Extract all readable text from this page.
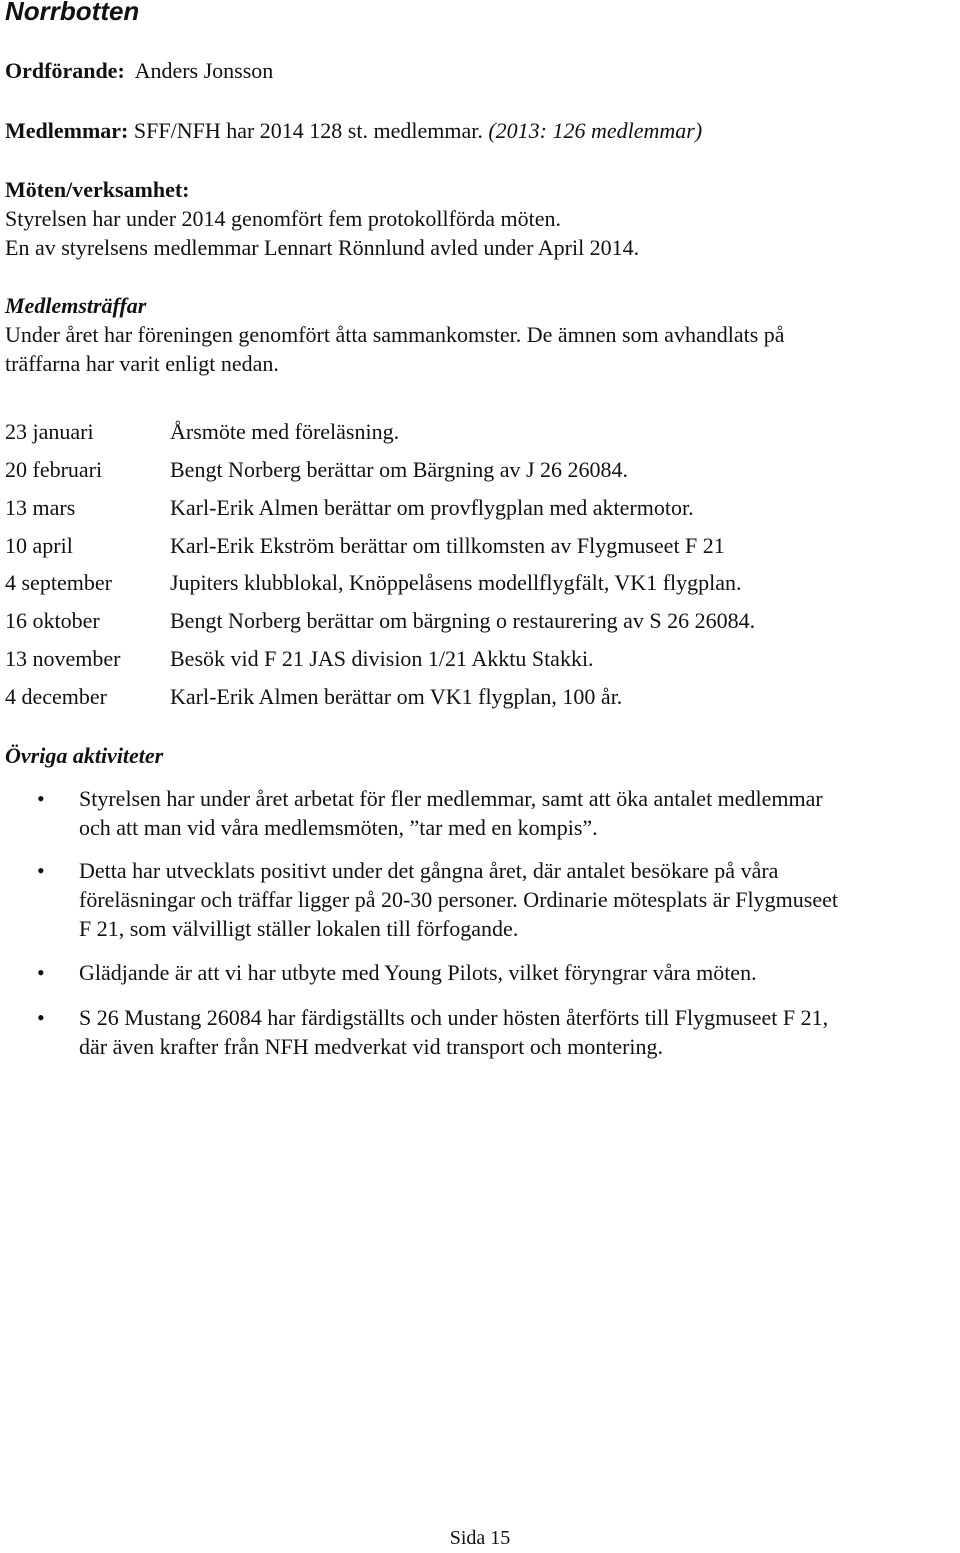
Norrbotten
Ordförande: Anders Jonsson
Medlemmar: SFF/NFH har 2014 128 st. medlemmar. (2013: 126 medlemmar)
Möten/verksamhet:
Styrelsen har under 2014 genomfört fem protokollförda möten.
En av styrelsens medlemmar Lennart Rönnlund avled under April 2014.
Medlemsträffar
Under året har föreningen genomfört åtta sammankomster. De ämnen som avhandlats på
träffarna har varit enligt nedan.
23 januari	Årsmöte med föreläsning.
20 februari	Bengt Norberg berättar om Bärgning av J 26 26084.
13 mars	Karl-Erik Almen berättar om provflygplan med aktermotor.
10 april	Karl-Erik Ekström berättar om tillkomsten av Flygmuseet F 21
4 september	Jupiters klubblokal, Knöppelåsens modellflygfält, VK1 flygplan.
16 oktober	Bengt Norberg berättar om bärgning o restaurering av S 26 26084.
13 november Besök vid F 21 JAS division 1/21 Akktu Stakki.
4 december	Karl-Erik Almen berättar om VK1 flygplan, 100 år.
Övriga aktiviteter
• Styrelsen har under året arbetat för fler medlemmar, samt att öka antalet medlemmar
och att man vid våra medlemsmöten, ”tar med en kompis”.
• Detta har utvecklats positivt under det gångna året, där antalet besökare på våra
föreläsningar och träffar ligger på 20-30 personer. Ordinarie mötesplats är Flygmuseet
F 21, som välvilligt ställer lokalen till förfogande.
• Glädjande är att vi har utbyte med Young Pilots, vilket föryngrar våra möten.
• S 26 Mustang 26084 har färdigställts och under hösten återförts till Flygmuseet F 21,
där även krafter från NFH medverkat vid transport och montering.
Sida 15
